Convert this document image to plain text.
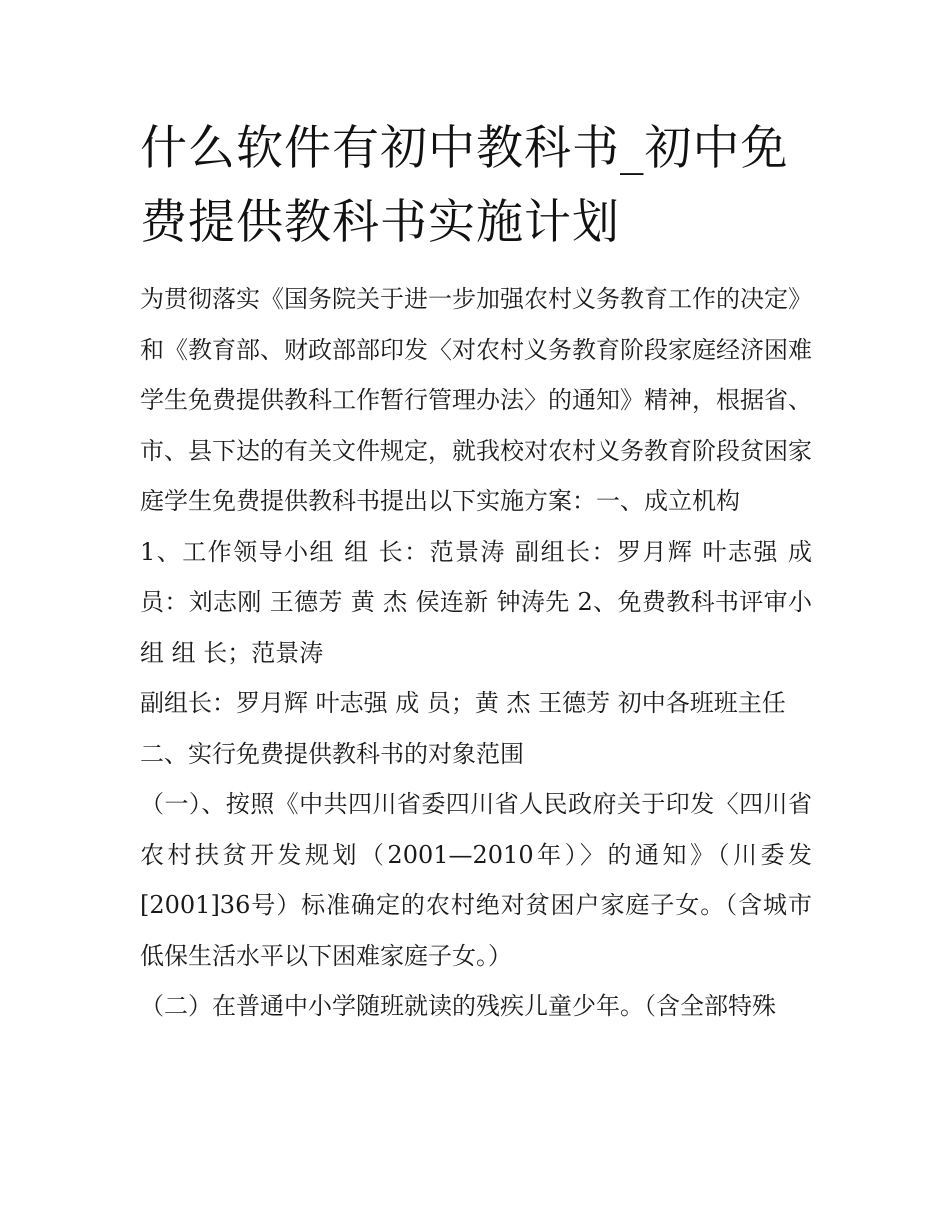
什么软件有初中教科书_初中免费提供教科书实施计划

为贯彻落实《国务院关于进一步加强农村义务教育工作的决定》和《教育部、财政部部印发〈对农村义务教育阶段家庭经济困难学生免费提供教科工作暂行管理办法〉的通知》精神，根据省、市、县下达的有关文件规定，就我校对农村义务教育阶段贫困家庭学生免费提供教科书提出以下实施方案：一、成立机构

1、工作领导小组 组 长：范景涛 副组长：罗月辉 叶志强 成 员：刘志刚 王德芳 黄 杰 侯连新 钟涛先 2、免费教科书评审小组 组 长；范景涛

副组长：罗月辉 叶志强 成 员；黄 杰 王德芳 初中各班班主任

二、实行免费提供教科书的对象范围

（一）、按照《中共四川省委四川省人民政府关于印发〈四川省农村扶贫开发规划（2001—2010年）〉的通知》（川委发[2001]36号）标准确定的农村绝对贫困户家庭子女。（含城市低保生活水平以下困难家庭子女。）

（二）在普通中小学随班就读的残疾儿童少年。（含全部特殊
